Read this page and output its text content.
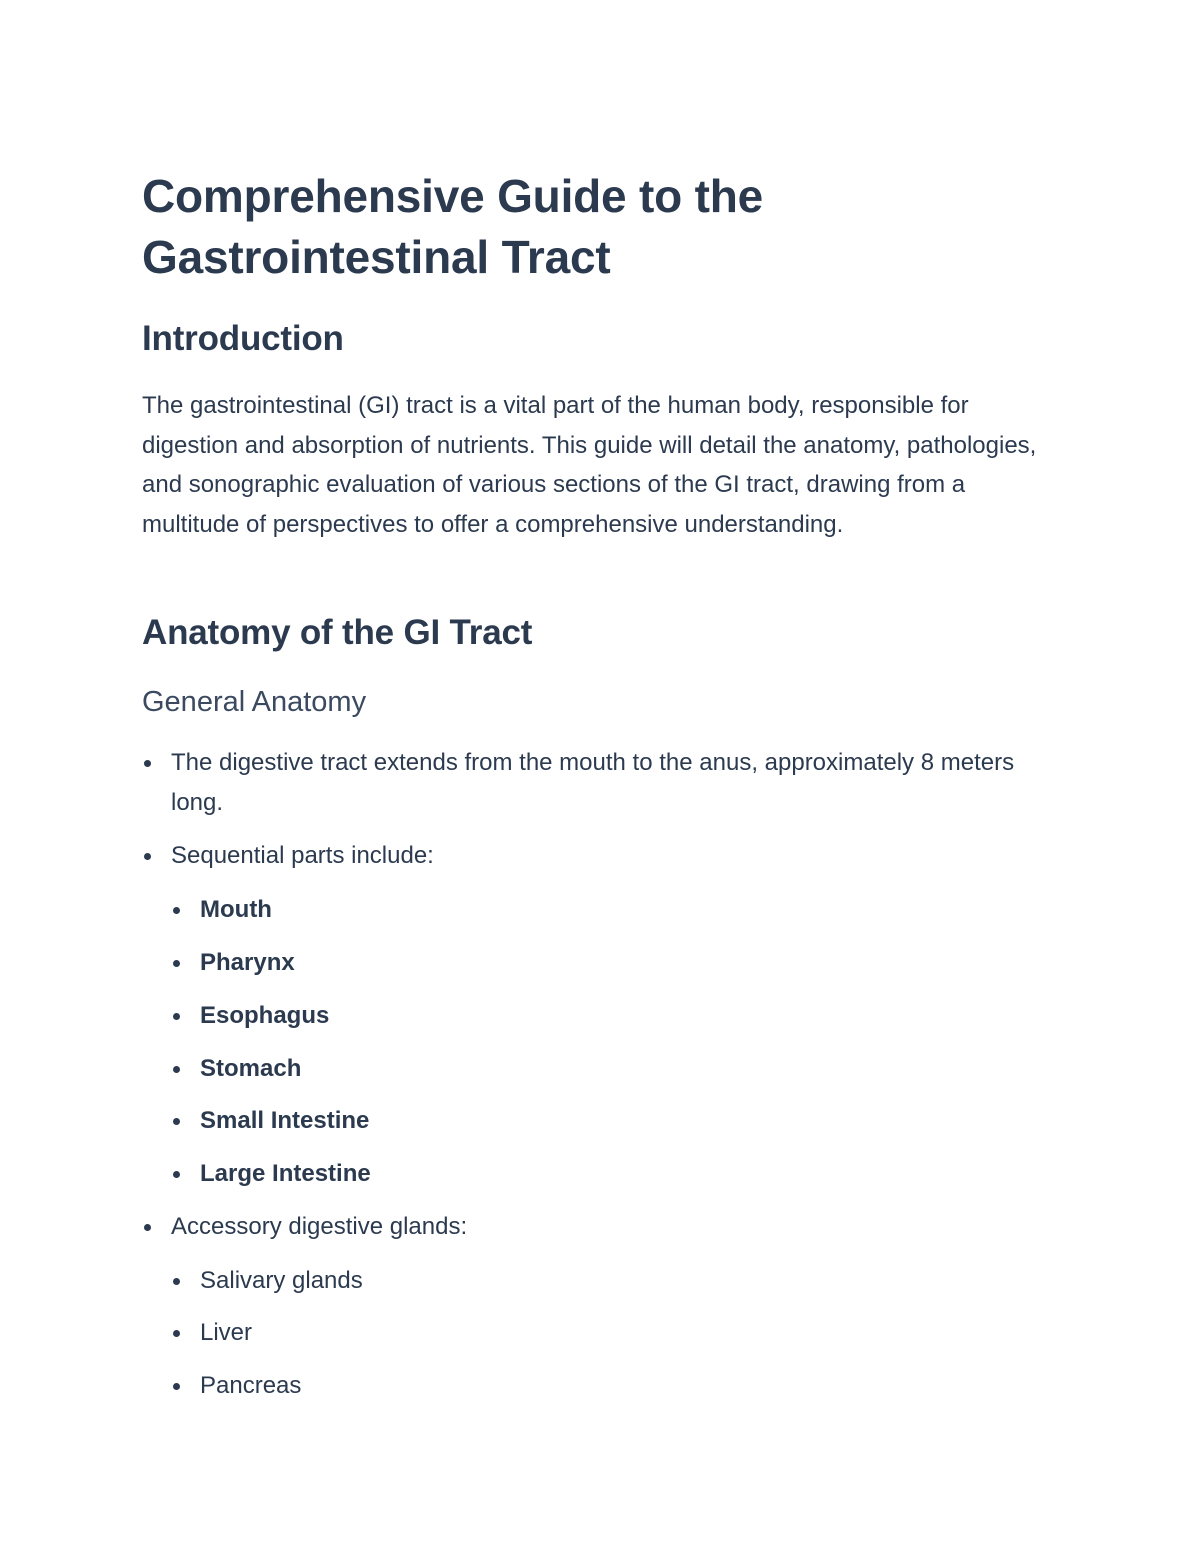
Comprehensive Guide to the Gastrointestinal Tract
Introduction

The gastrointestinal (GI) tract is a vital part of the human body, responsible for digestion and absorption of nutrients. This guide will detail the anatomy, pathologies, and sonographic evaluation of various sections of the GI tract, drawing from a multitude of perspectives to offer a comprehensive understanding.

Anatomy of the GI Tract
General Anatomy
The digestive tract extends from the mouth to the anus, approximately 8 meters long.
Sequential parts include:
Mouth
Pharynx
Esophagus
Stomach
Small Intestine
Large Intestine
Accessory digestive glands:
Salivary glands
Liver
Pancreas
